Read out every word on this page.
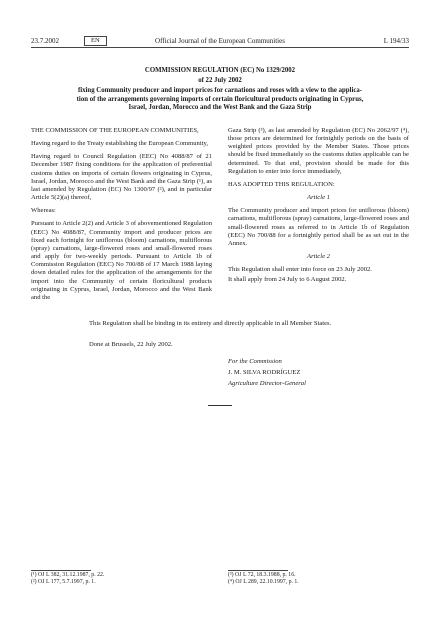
23.7.2002	EN	Official Journal of the European Communities	L 194/33
COMMISSION REGULATION (EC) No 1329/2002
of 22 July 2002
fixing Community producer and import prices for carnations and roses with a view to the applica-
tion of the arrangements governing imports of certain floricultural products originating in Cyprus,
Israel, Jordan, Morocco and the West Bank and the Gaza Strip

THE COMMISSION OF THE EUROPEAN COMMUNITIES,

Having regard to the Treaty establishing the European Community,

Having regard to Council Regulation (EEC) No 4088/87 of 21 December 1987 fixing conditions for the application of preferential customs duties on imports of certain flowers originating in Cyprus, Israel, Jordan, Morocco and the West Bank and the Gaza Strip (¹), as last amended by Regulation (EC) No 1300/97 (²), and in particular Article 5(2)(a) thereof,

Whereas:

Pursuant to Article 2(2) and Article 3 of abovementioned Regulation (EEC) No 4088/87, Community import and producer prices are fixed each fortnight for uniflorous (bloom) carnations, multiflorous (spray) carnations, large-flowered roses and small-flowered roses and apply for two-weekly periods. Pursuant to Article 1b of Commission Regulation (EEC) No 700/88 of 17 March 1988 laying down detailed rules for the application of the arrangements for the import into the Community of certain floricultural products originating in Cyprus, Israel, Jordan, Morocco and the West Bank and the

Gaza Strip (³), as last amended by Regulation (EC) No 2062/97 (⁴), those prices are determined for fortnightly periods on the basis of weighted prices provided by the Member States. Those prices should be fixed immediately so the customs duties applicable can be determined. To that end, provision should be made for this Regulation to enter into force immediately,

HAS ADOPTED THIS REGULATION:

Article 1

The Community producer and import prices for uniflorous (bloom) carnations, multiflorous (spray) carnations, large-flowered roses and small-flowered roses as referred to in Article 1b of Regulation (EEC) No 700/88 for a fortnightly period shall be as set out in the Annex.

Article 2

This Regulation shall enter into force on 23 July 2002.

It shall apply from 24 July to 6 August 2002.

This Regulation shall be binding in its entirety and directly applicable in all Member States.
Done at Brussels, 22 July 2002.
For the Commission
J. M. SILVA RODRÍGUEZ
Agriculture Director-General

(¹) OJ L 382, 31.12.1987, p. 22.

(²) OJ L 177, 5.7.1997, p. 1.

(³) OJ L 72, 18.3.1988, p. 16.

(⁴) OJ L 289, 22.10.1997, p. 1.
